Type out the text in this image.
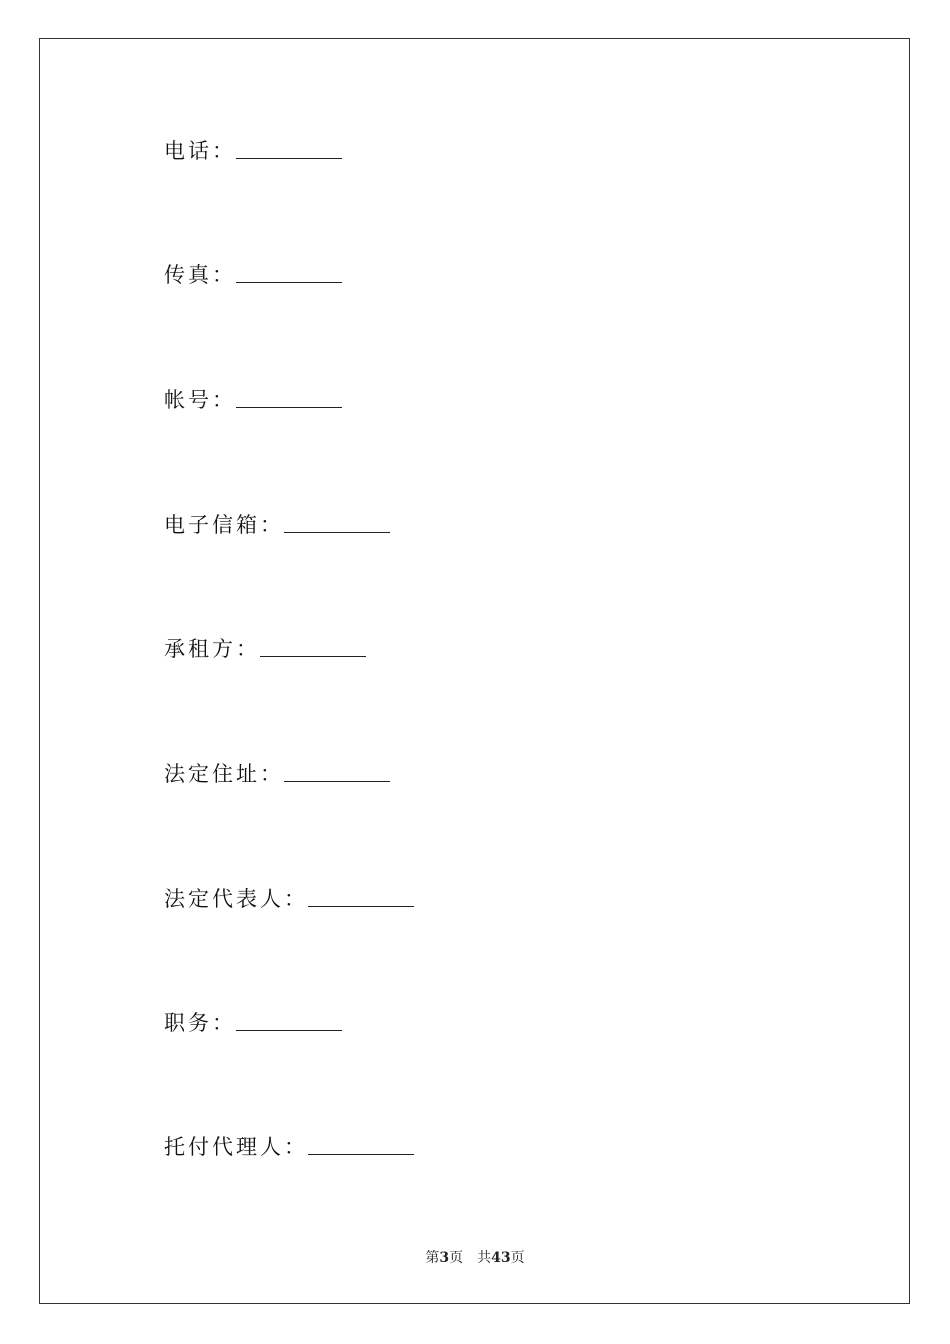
电话：
传真：
帐号：
电子信箱：
承租方：
法定住址：
法定代表人：
职务：
托付代理人：
第3页 共43页
